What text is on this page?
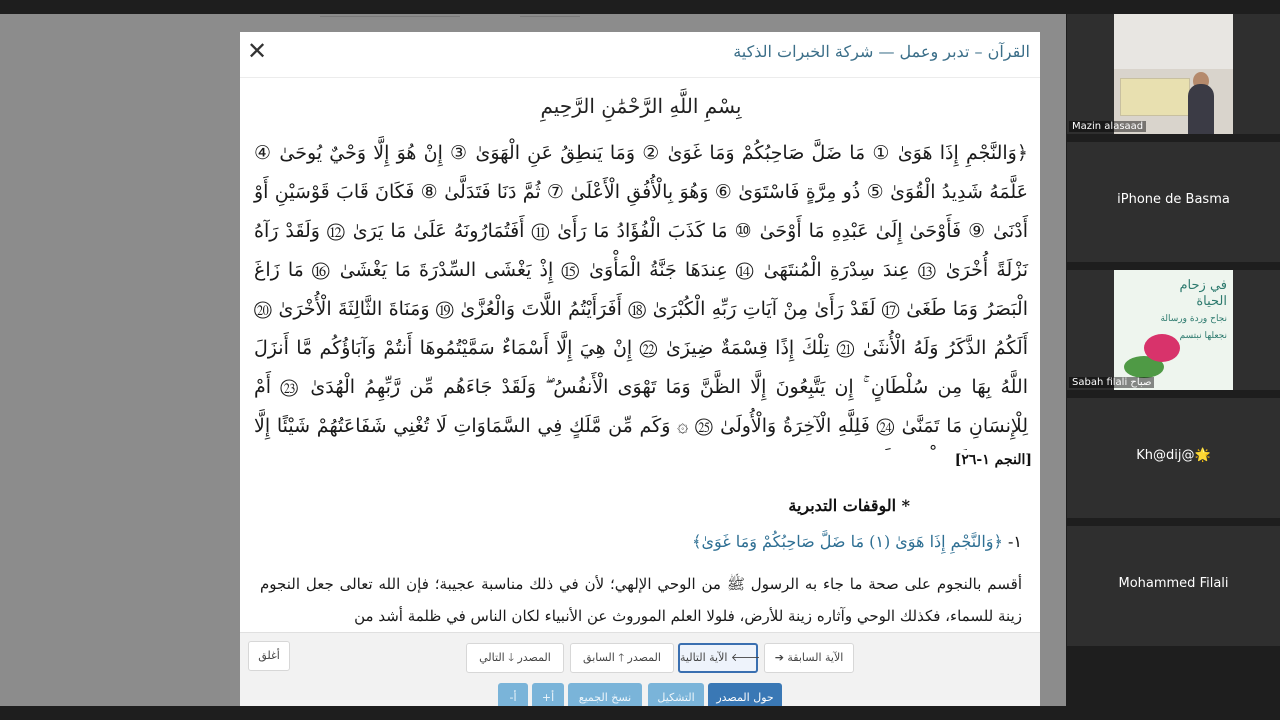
✕	القرآن – تدبر وعمل — شركة الخبرات الذكية
بِسْمِ اللَّهِ الرَّحْمَٰنِ الرَّحِيمِ
﴿وَالنَّجْمِ إِذَا هَوَىٰ ① مَا ضَلَّ صَاحِبُكُمْ وَمَا غَوَىٰ ② وَمَا يَنطِقُ عَنِ الْهَوَىٰ ③ إِنْ هُوَ إِلَّا وَحْيٌ يُوحَىٰ ④ عَلَّمَهُ شَدِيدُ الْقُوَىٰ ⑤ ذُو مِرَّةٍ فَاسْتَوَىٰ ⑥ وَهُوَ بِالْأُفُقِ الْأَعْلَىٰ ⑦ ثُمَّ دَنَا فَتَدَلَّىٰ ⑧ فَكَانَ قَابَ قَوْسَيْنِ أَوْ أَدْنَىٰ ⑨ فَأَوْحَىٰ إِلَىٰ عَبْدِهِ مَا أَوْحَىٰ ⑩ مَا كَذَبَ الْفُؤَادُ مَا رَأَىٰ ⑪ أَفَتُمَارُونَهُ عَلَىٰ مَا يَرَىٰ ⑫ وَلَقَدْ رَآهُ نَزْلَةً أُخْرَىٰ ⑬ عِندَ سِدْرَةِ الْمُنتَهَىٰ ⑭ عِندَهَا جَنَّةُ الْمَأْوَىٰ ⑮ إِذْ يَغْشَى السِّدْرَةَ مَا يَغْشَىٰ ⑯ مَا زَاغَ الْبَصَرُ وَمَا طَغَىٰ ⑰ لَقَدْ رَأَىٰ مِنْ آيَاتِ رَبِّهِ الْكُبْرَىٰ ⑱ أَفَرَأَيْتُمُ اللَّاتَ وَالْعُزَّىٰ ⑲ وَمَنَاةَ الثَّالِثَةَ الْأُخْرَىٰ ⑳ أَلَكُمُ الذَّكَرُ وَلَهُ الْأُنثَىٰ ㉑ تِلْكَ إِذًا قِسْمَةٌ ضِيزَىٰ ㉒ إِنْ هِيَ إِلَّا أَسْمَاءٌ سَمَّيْتُمُوهَا أَنتُمْ وَآبَاؤُكُم مَّا أَنزَلَ اللَّهُ بِهَا مِن سُلْطَانٍ ۚ إِن يَتَّبِعُونَ إِلَّا الظَّنَّ وَمَا تَهْوَى الْأَنفُسُ ۖ وَلَقَدْ جَاءَهُم مِّن رَّبِّهِمُ الْهُدَىٰ ㉓ أَمْ لِلْإِنسَانِ مَا تَمَنَّىٰ ㉔ فَلِلَّهِ الْآخِرَةُ وَالْأُولَىٰ ㉕ ۞ وَكَم مِّن مَّلَكٍ فِي السَّمَاوَاتِ لَا تُغْنِي شَفَاعَتُهُمْ شَيْئًا إِلَّا
[النجم ١-٢٦]
* الوقفات التدبرية
١- ﴿وَالنَّجْمِ إِذَا هَوَىٰ (١) مَا ضَلَّ صَاحِبُكُمْ وَمَا غَوَىٰ﴾
أقسم بالنجوم على صحة ما جاء به الرسول ﷺ من الوحي الإلهي؛ لأن في ذلك مناسبة عجيبة؛ فإن الله تعالى جعل النجوم زينة للسماء، فكذلك الوحي وآثاره زينة للأرض، فلولا العلم الموروث عن الأنبياء لكان الناس في ظلمة أشد من
أغلق	المصدر 🡓 التالي	المصدر 🡑 السابق	الآية التالية 🡐	➔ الآية السابقة
-أ	+أ	نسخ الجميع	التشكيل	حول المصدر
Mazin alasaad
iPhone de Basma
في زحام
الحياة
نجاح وردة ورسالة
نجعلها نبتسم
Sabah filali صباح
Kh@dij@🌟
Mohammed Filali
